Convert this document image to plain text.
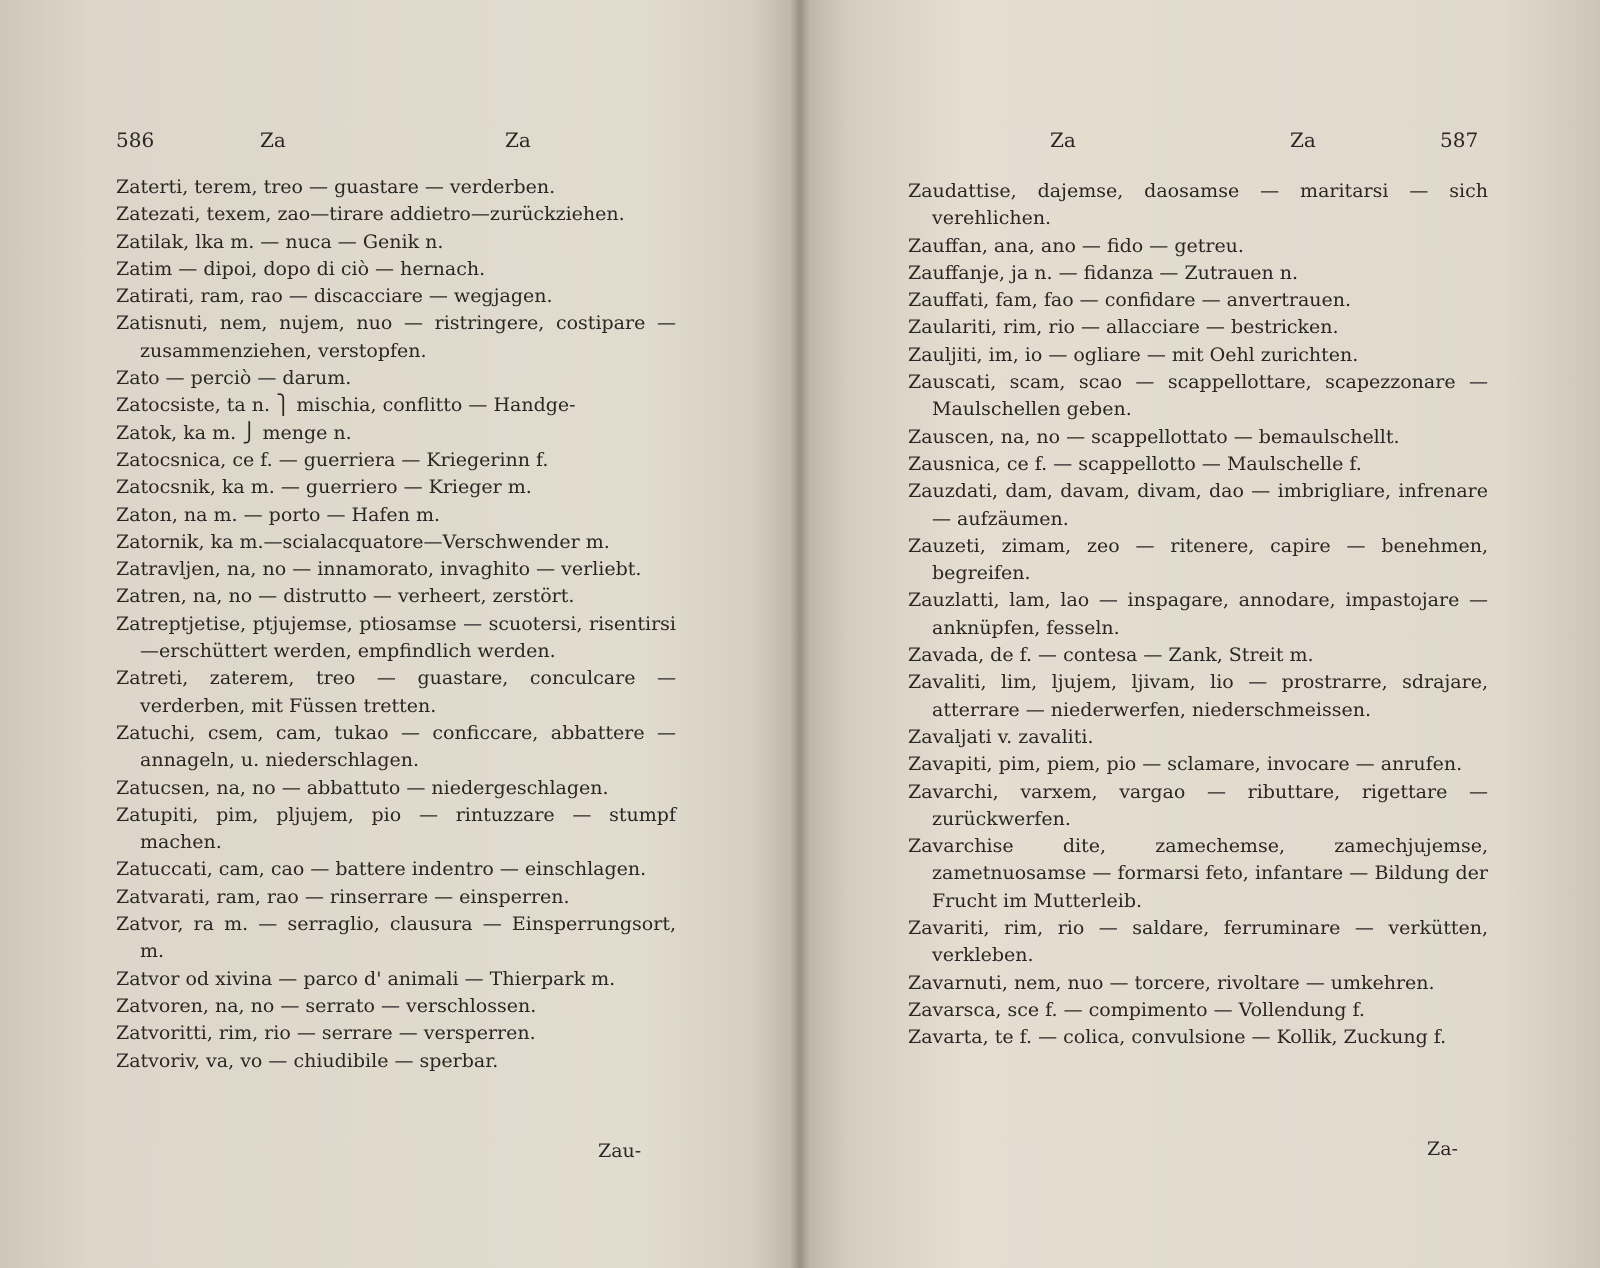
586	Za	Za
Zaterti, terem, treo — guastare — verderben.
Zatezati, texem, zao—tirare addietro—zurückziehen.
Zatilak, lka m. — nuca — Genik n.
Zatim — dipoi, dopo di ciò — hernach.
Zatirati, ram, rao — discacciare — wegjagen.
Zatisnuti, nem, nujem, nuo — ristringere, costipare — zusammenziehen, verstopfen.
Zato — perciò — darum.
Zatocsiste, ta n. ⎫ mischia, conflitto — Handge-
Zatok, ka m. ⎭ menge n.
Zatocsnica, ce f. — guerriera — Kriegerinn f.
Zatocsnik, ka m. — guerriero — Krieger m.
Zaton, na m. — porto — Hafen m.
Zatornik, ka m.—scialacquatore—Verschwender m.
Zatravljen, na, no — innamorato, invaghito — verliebt.
Zatren, na, no — distrutto — verheert, zerstört.
Zatreptjetise, ptjujemse, ptiosamse — scuotersi, risentirsi—erschüttert werden, empfindlich werden.
Zatreti, zaterem, treo — guastare, conculcare — verderben, mit Füssen tretten.
Zatuchi, csem, cam, tukao — conficcare, abbattere — annageln, u. niederschlagen.
Zatucsen, na, no — abbattuto — niedergeschlagen.
Zatupiti, pim, pljujem, pio — rintuzzare — stumpf machen.
Zatuccati, cam, cao — battere indentro — einschlagen.
Zatvarati, ram, rao — rinserrare — einsperren.
Zatvor, ra m. — serraglio, clausura — Einsperrungsort, m.
Zatvor od xivina — parco d' animali — Thierpark m.
Zatvoren, na, no — serrato — verschlossen.
Zatvoritti, rim, rio — serrare — versperren.
Zatvoriv, va, vo — chiudibile — sperbar.
Zau-
Za	Za	587
Zaudattise, dajemse, daosamse — maritarsi — sich verehlichen.
Zauffan, ana, ano — fido — getreu.
Zauffanje, ja n. — fidanza — Zutrauen n.
Zauffati, fam, fao — confidare — anvertrauen.
Zaulariti, rim, rio — allacciare — bestricken.
Zauljiti, im, io — ogliare — mit Oehl zurichten.
Zauscati, scam, scao — scappellottare, scapezzonare — Maulschellen geben.
Zauscen, na, no — scappellottato — bemaulschellt.
Zausnica, ce f. — scappellotto — Maulschelle f.
Zauzdati, dam, davam, divam, dao — imbrigliare, infrenare — aufzäumen.
Zauzeti, zimam, zeo — ritenere, capire — benehmen, begreifen.
Zauzlatti, lam, lao — inspagare, annodare, impastojare — anknüpfen, fesseln.
Zavada, de f. — contesa — Zank, Streit m.
Zavaliti, lim, ljujem, ljivam, lio — prostrarre, sdrajare, atterrare — niederwerfen, niederschmeissen.
Zavaljati v. zavaliti.
Zavapiti, pim, piem, pio — sclamare, invocare — anrufen.
Zavarchi, varxem, vargao — ributtare, rigettare — zurückwerfen.
Zavarchise dite, zamechemse, zamechjujemse, zametnuosamse — formarsi feto, infantare — Bildung der Frucht im Mutterleib.
Zavariti, rim, rio — saldare, ferruminare — verkütten, verkleben.
Zavarnuti, nem, nuo — torcere, rivoltare — umkehren.
Zavarsca, sce f. — compimento — Vollendung f.
Zavarta, te f. — colica, convulsione — Kollik, Zuckung f.
Za-
